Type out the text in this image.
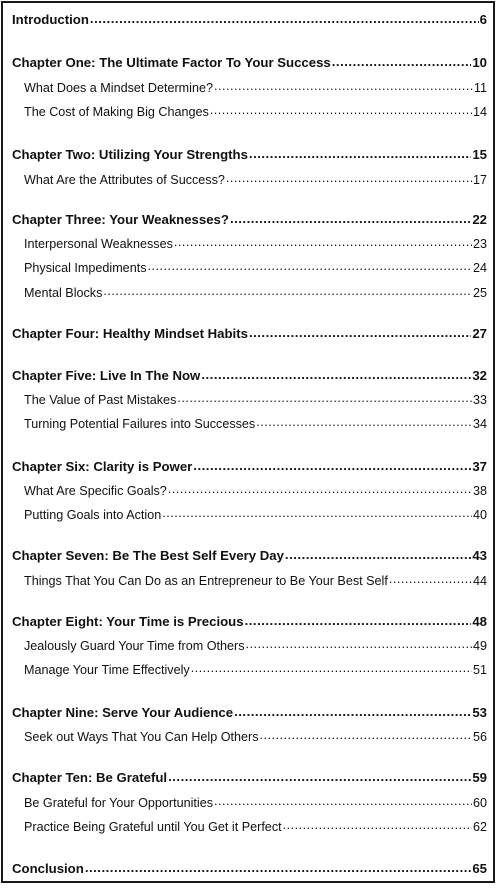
Introduction .....	6
Chapter One: The Ultimate Factor To Your Success .....	10
What Does a Mindset Determine? .....	11
The Cost of Making Big Changes .....	14
Chapter Two: Utilizing Your Strengths .....	15
What Are the Attributes of Success? .....	17
Chapter Three: Your Weaknesses? .....	22
Interpersonal Weaknesses .....	23
Physical Impediments .....	24
Mental Blocks .....	25
Chapter Four: Healthy Mindset Habits .....	27
Chapter Five: Live In The Now .....	32
The Value of Past Mistakes .....	33
Turning Potential Failures into Successes .....	34
Chapter Six: Clarity is Power .....	37
What Are Specific Goals? .....	38
Putting Goals into Action .....	40
Chapter Seven: Be The Best Self Every Day .....	43
Things That You Can Do as an Entrepreneur to Be Your Best Self .....	44
Chapter Eight: Your Time is Precious .....	48
Jealously Guard Your Time from Others .....	49
Manage Your Time Effectively .....	51
Chapter Nine: Serve Your Audience .....	53
Seek out Ways That You Can Help Others .....	56
Chapter Ten: Be Grateful .....	59
Be Grateful for Your Opportunities .....	60
Practice Being Grateful until You Get it Perfect .....	62
Conclusion .....	65
